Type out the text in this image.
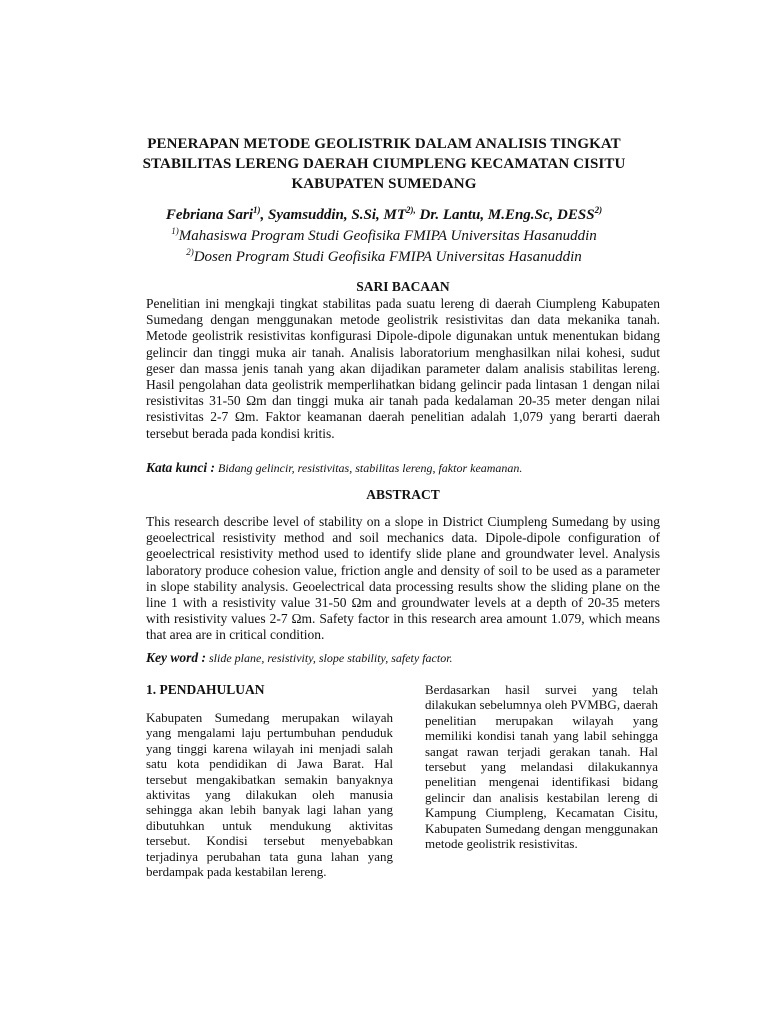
PENERAPAN METODE GEOLISTRIK DALAM ANALISIS TINGKAT STABILITAS LERENG DAERAH CIUMPLENG KECAMATAN CISITU KABUPATEN SUMEDANG
Febriana Sari$^{1)}$, Syamsuddin, S.Si, $MT^{2),}$ Dr. Lantu, M.Eng.Sc, DESS$^{2)}$
$^{1)}$Mahasiswa Program Studi Geofisika FMIPA Universitas Hasanuddin
$^{2)}$Dosen Program Studi Geofisika FMIPA Universitas Hasanuddin
SARI BACAAN
Penelitian ini mengkaji tingkat stabilitas pada suatu lereng di daerah Ciumpleng Kabupaten Sumedang dengan menggunakan metode geolistrik resistivitas dan data mekanika tanah. Metode geolistrik resistivitas konfigurasi Dipole-dipole digunakan untuk menentukan bidang gelincir dan tinggi muka air tanah. Analisis laboratorium menghasilkan nilai kohesi, sudut geser dan massa jenis tanah yang akan dijadikan parameter dalam analisis stabilitas lereng. Hasil pengolahan data geolistrik memperlihatkan bidang gelincir pada lintasan 1 dengan nilai resistivitas 31-50 Ωm dan tinggi muka air tanah pada kedalaman 20-35 meter dengan nilai resistivitas 2-7 Ωm. Faktor keamanan daerah penelitian adalah 1,079 yang berarti daerah tersebut berada pada kondisi kritis.
Kata kunci : Bidang gelincir, resistivitas, stabilitas lereng, faktor keamanan.
ABSTRACT
This research describe level of stability on a slope in District Ciumpleng Sumedang by using geoelectrical resistivity method and soil mechanics data. Dipole-dipole configuration of geoelectrical resistivity method used to identify slide plane and groundwater level. Analysis laboratory produce cohesion value, friction angle and density of soil to be used as a parameter in slope stability analysis. Geoelectrical data processing results show the sliding plane on the line 1 with a resistivity value 31-50 Ωm and groundwater levels at a depth of 20-35 meters with resistivity values 2-7 Ωm. Safety factor in this research area amount 1.079, which means that area are in critical condition.
Key word : slide plane, resistivity, slope stability, safety factor.
1. PENDAHULUAN
Kabupaten Sumedang merupakan wilayah yang mengalami laju pertumbuhan penduduk yang tinggi karena wilayah ini menjadi salah satu kota pendidikan di Jawa Barat. Hal tersebut mengakibatkan semakin banyaknya aktivitas yang dilakukan oleh manusia sehingga akan lebih banyak lagi lahan yang dibutuhkan untuk mendukung aktivitas tersebut. Kondisi tersebut menyebabkan terjadinya perubahan tata guna lahan yang berdampak pada kestabilan lereng.
Berdasarkan hasil survei yang telah dilakukan sebelumnya oleh PVMBG, daerah penelitian merupakan wilayah yang memiliki kondisi tanah yang labil sehingga sangat rawan terjadi gerakan tanah. Hal tersebut yang melandasi dilakukannya penelitian mengenai identifikasi bidang gelincir dan analisis kestabilan lereng di Kampung Ciumpleng, Kecamatan Cisitu, Kabupaten Sumedang dengan menggunakan metode geolistrik resistivitas.
